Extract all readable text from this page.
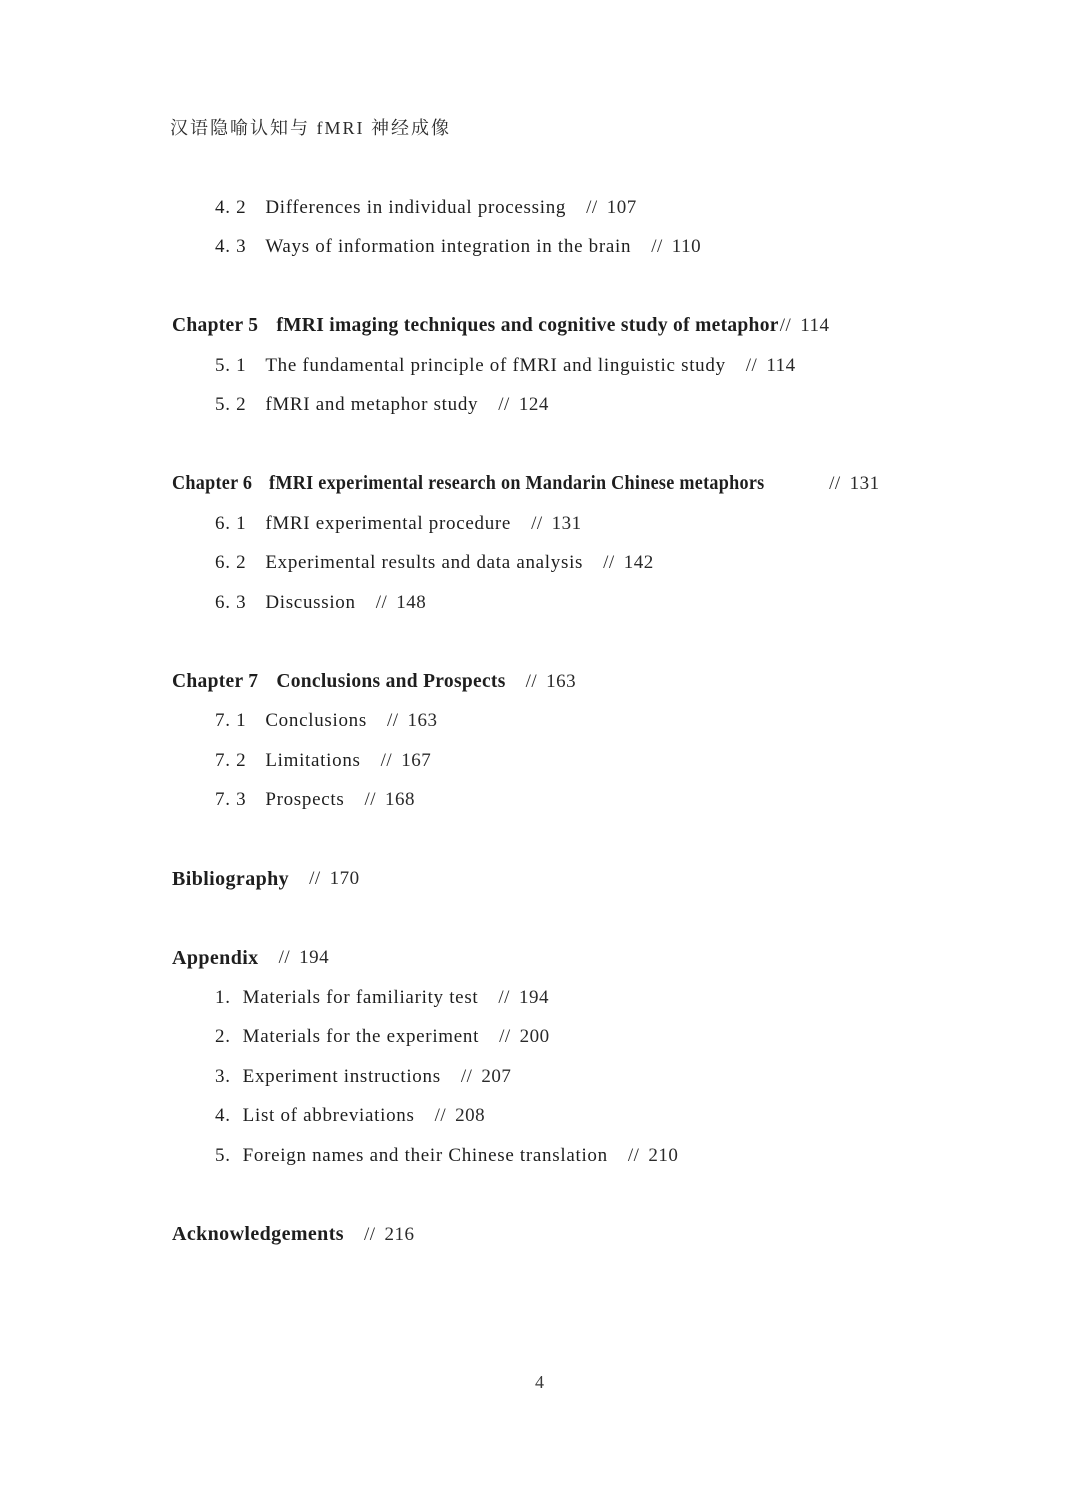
汉语隐喻认知与 fMRI 神经成像
4. 2 Differences in individual processing // 107
4. 3 Ways of information integration in the brain // 110
Chapter 5 fMRI imaging techniques and cognitive study of metaphor // 114
5. 1 The fundamental principle of fMRI and linguistic study // 114
5. 2 fMRI and metaphor study // 124
Chapter 6 fMRI experimental research on Mandarin Chinese metaphors	// 131
6. 1 fMRI experimental procedure // 131
6. 2 Experimental results and data analysis // 142
6. 3 Discussion // 148
Chapter 7 Conclusions and Prospects // 163
7. 1 Conclusions // 163
7. 2 Limitations // 167
7. 3 Prospects // 168
Bibliography // 170
Appendix // 194
1. Materials for familiarity test // 194
2. Materials for the experiment // 200
3. Experiment instructions // 207
4. List of abbreviations // 208
5. Foreign names and their Chinese translation // 210
Acknowledgements // 216
4
